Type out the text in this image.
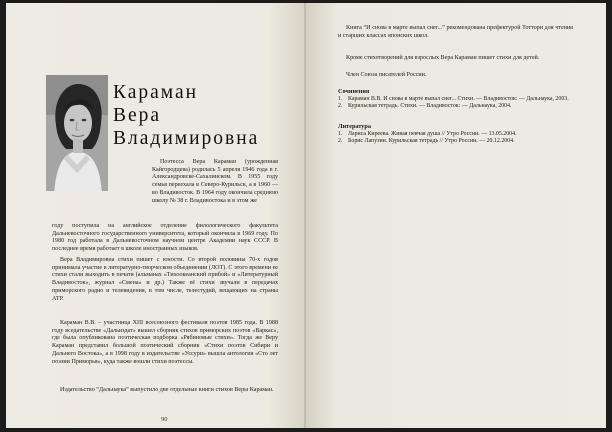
Караман
Вера
Владимировна

Поэтесса Вера Караман (урожденная Кайгородцева) родилась 5 апреля 1946 года в г. Александровске-Сахалинском. В 1955 году семья переехала в Северо-Курильск, а в 1960 — во Владивосток. В 1964 году окончила среднюю школу № 38 г. Владивостока и в этом же

году поступила на английское отделение филологического факультета Дальневосточного государственного университета, который окончила в 1969 году. По 1980 год работала в Дальневосточном научном центре Академии наук СССР. В последнее время работает в школе иностранных языков.

Вера Владимировна стихи пишет с юности. Со второй половины 70-х годов принимала участие в литературно-творческом объединении (ЛОТ). С этого времени ее стихи стали выходить в печати (альманах «Тихоокеанский прибой» и «Литературный Владивосток», журнал «Смена» и др.) Также её стихи звучали в передачах приморского радио и телевидения, в том числе, телестудий, вещающих на страны АТР.

Караман В.В. – участница XIII всесоюзного фестиваля поэтов 1985 года. В 1988 году вседательстве «Дальиздат» вышел сборник стихов приморских поэтов «Варкас», где была опубликована поэтическая подборка «Рябиновые стихи». Тогда же Веру Караман представил большой поэтический сборник «Стихи поэтов Сибири и Дальнего Востока», а в 1998 году в издательстве «Уссури» вышла антология «Сто лет поэзии Приморья», куда также вошли стихи поэтессы.

Издательство “Дальнаука” выпустило две отдельные книги стихов Веры Караман.

90

Книга “И снова в марте выпал снег...” рекомендована префектурой Тоттори для чтения и старших классах японских школ.

Кроме стихотворений для взрослых Вера Караман пишет стихи для детей.

Член Союза писателей России.

Сочинения
1. Караман В.В. И снова в марте выпал снег... Стихи. — Владивосток: — Дальнаука, 2003.
2. Курильская тетрадь. Стихи. — Владивосток: — Дальнаука, 2004.
Литература
1. Лариса Киреева. Живая певчая душа // Утро России. — 13.05.2004.
2. Борис Лапузин. Курильская тетрадь // Утро России. — 20.12.2004.
